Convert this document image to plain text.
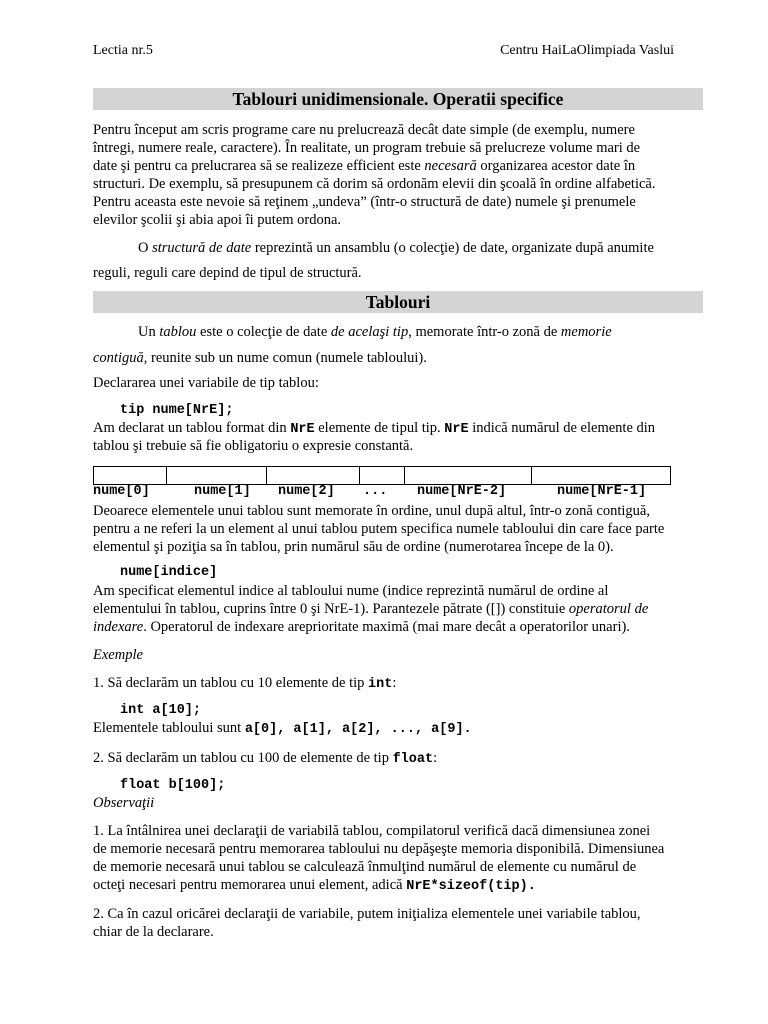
Lectia nr.5	Centru HaiLaOlimpiada Vaslui
Tablouri unidimensionale. Operatii specifice
Pentru început am scris programe care nu prelucrează decât date simple (de exemplu, numere
întregi, numere reale, caractere). În realitate, un program trebuie să prelucreze volume mari de
date şi pentru ca prelucrarea să se realizeze efficient este necesară organizarea acestor date în
structuri. De exemplu, să presupunem că dorim să ordonăm elevii din şcoală în ordine alfabetică.
Pentru aceasta este nevoie să reţinem „undeva” (într-o structură de date) numele şi prenumele
elevilor şcolii şi abia apoi îi putem ordona.
O structură de date reprezintă un ansamblu (o colecţie) de date, organizate după anumite
reguli, reguli care depind de tipul de structură.
Tablouri
Un tablou este o colecţie de date de acelaşi tip, memorate într-o zonă de memorie
contiguă, reunite sub un nume comun (numele tabloului).
Declararea unei variabile de tip tablou:
tip nume[NrE];
Am declarat un tablou format din NrE elemente de tipul tip. NrE indică numărul de elemente din
tablou şi trebuie să fie obligatoriu o expresie constantă.
nume[0]	nume[1] nume[2] ... nume[NrE-2]	nume[NrE-1]
Deoarece elementele unui tablou sunt memorate în ordine, unul după altul, într-o zonă contiguă,
pentru a ne referi la un element al unui tablou putem specifica numele tabloului din care face parte
elementul şi poziţia sa în tablou, prin numărul său de ordine (numerotarea începe de la 0).
nume[indice]
Am specificat elementul indice al tabloului nume (indice reprezintă numărul de ordine al
elementului în tablou, cuprins între 0 şi NrE-1). Parantezele pătrate ([]) constituie operatorul de
indexare. Operatorul de indexare areprioritate maximă (mai mare decât a operatorilor unari).
Exemple
1. Să declarăm un tablou cu 10 elemente de tip int:
int a[10];
Elementele tabloului sunt a[0], a[1], a[2], ..., a[9].
2. Să declarăm un tablou cu 100 de elemente de tip float:
float b[100];
Observaţii
1. La întâlnirea unei declaraţii de variabilă tablou, compilatorul verifică dacă dimensiunea zonei
de memorie necesară pentru memorarea tabloului nu depăşeşte memoria disponibilă. Dimensiunea
de memorie necesară unui tablou se calculează înmulţind numărul de elemente cu numărul de
octeţi necesari pentru memorarea unui element, adică NrE*sizeof(tip).
2. Ca în cazul oricărei declaraţii de variabile, putem iniţializa elementele unei variabile tablou,
chiar de la declarare.
